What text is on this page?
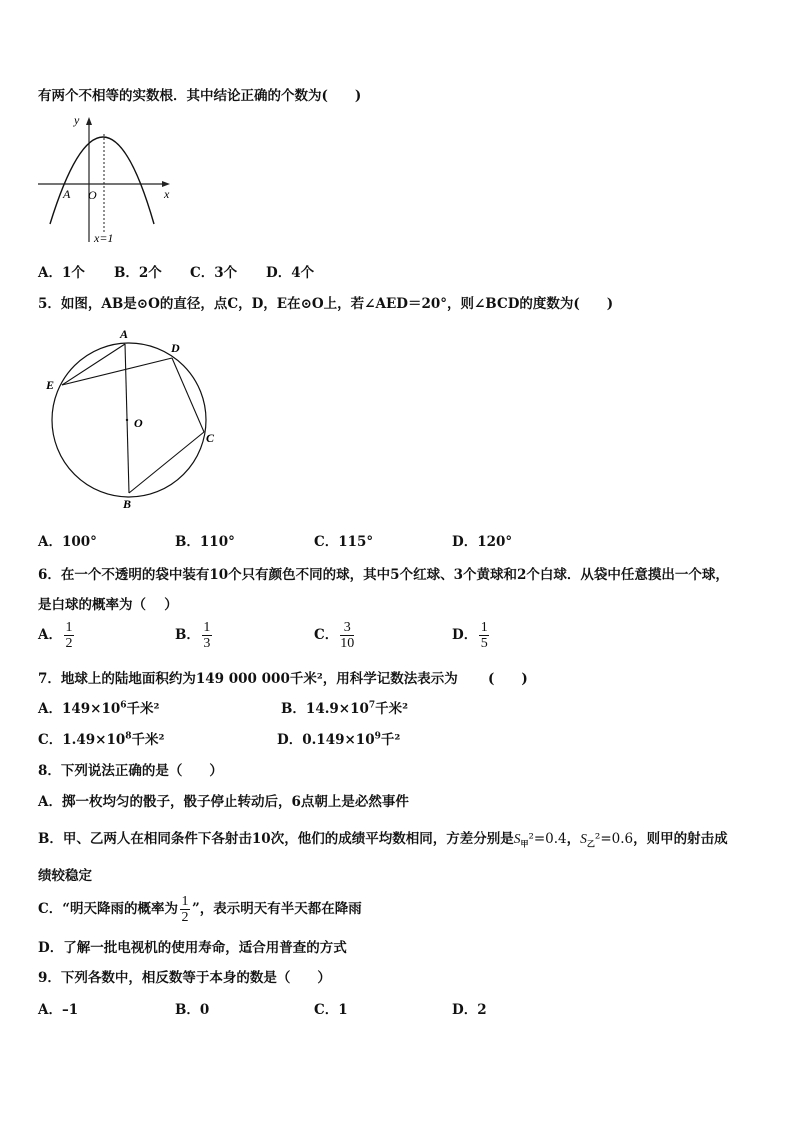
有两个不相等的实数根．其中结论正确的个数为(　　)
y
x
A O
x=1
A．1个 B．2个 C．3个 D．4个
5．如图，AB是⊙O的直径，点C，D，E在⊙O上，若∠AED＝20°，则∠BCD的度数为(　　)
A
D
E
O
C
B
A．100°	B．110°	C．115°	D．120°
6．在一个不透明的袋中装有10个只有颜色不同的球，其中5个红球、3个黄球和2个白球．从袋中任意摸出一个球，
是白球的概率为（　 ）
A． $\frac{1}{2}$	B． $\frac{1}{3}$	C． $\frac{3}{10}$	D． $\frac{1}{5}$
7．地球上的陆地面积约为149 000 000千米²，用科学记数法表示为 (　　)
A．$149\times 10^6$千米²	B．$14.9\times 10^7$千米²
C．$1.49\times 10^8$千米²	D．$0.149\times 10^9$千²
8．下列说法正确的是（　　）
A．掷一枚均匀的骰子，骰子停止转动后，6点朝上是必然事件
B．甲、乙两人在相同条件下各射击10次，他们的成绩平均数相同，方差分别是$S_甲^2=0.4$，$S_乙^2=0.6$，则甲的射击成
绩较稳定
C．“明天降雨的概率为 $\frac{1}{2}$ ”，表示明天有半天都在降雨
D．了解一批电视机的使用寿命，适合用普查的方式
9．下列各数中，相反数等于本身的数是（　　）
A．–1	B．0	C．1	D．2
